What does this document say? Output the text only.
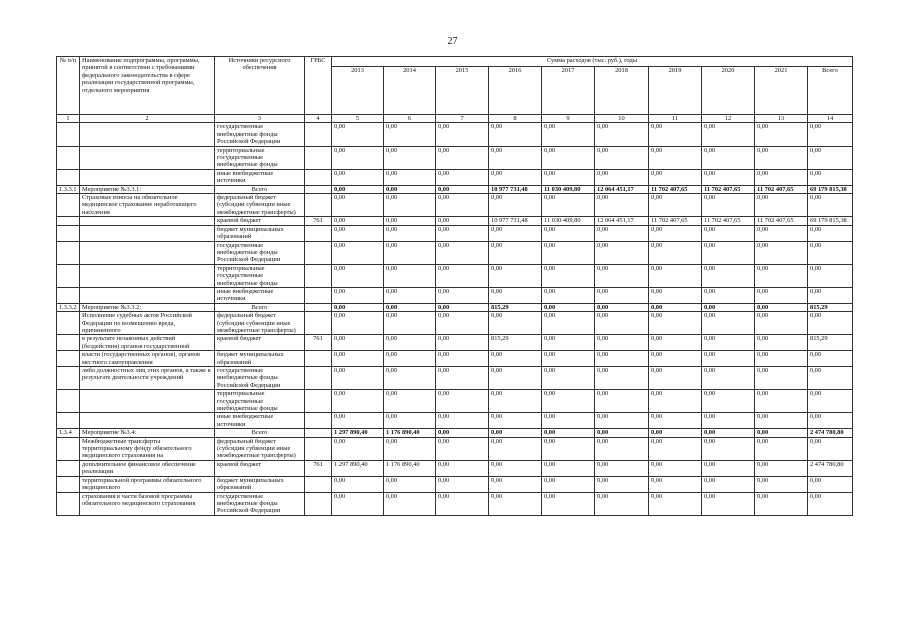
27
№ п/п	Наименование подпрограммы, программы, принятой в соответствии с требованиями федерального законодательства в сфере реализации государственной программы, отдельного мероприятия	Источники ресурсного обеспечения	ГРБС	Сумма расходов (тыс. руб.), годы									
				2013	2014	2015	2016	2017	2018	2019	2020	2021	Всего
1	2	3	4	5	6	7	8	9	10	11	12	13	14
		государственные внебюджетные фонды Российской Федерации		0,00	0,00	0,00	0,00	0,00	0,00	0,00	0,00	0,00	0,00
		территориальные государственные внебюджетные фонды		0,00	0,00	0,00	0,00	0,00	0,00	0,00	0,00	0,00	0,00
		иные внебюджетные источники		0,00	0,00	0,00	0,00	0,00	0,00	0,00	0,00	0,00	0,00
1.3.3.1	Мероприятие №3.3.1:	Всего		0,00	0,00	0,00	10 977 731,48	11 030 409,80	12 064 451,17	11 702 407,65	11 702 407,65	11 702 407,65	69 179 815,38
	Страховые взносы на обязательное медицинское страхование неработающего населения	федеральный бюджет (субсидии субвенции иные межбюджетные трансферты)		0,00	0,00	0,00	0,00	0,00	0,00	0,00	0,00	0,00	0,00
		краевой бюджет	761	0,00	0,00	0,00	10 977 731,48	11 030 409,80	12 064 451,17	11 702 407,65	11 702 407,65	11 702 407,65	69 179 815,38
		бюджет муниципальных образований		0,00	0,00	0,00	0,00	0,00	0,00	0,00	0,00	0,00	0,00
		государственные внебюджетные фонды Российской Федерации		0,00	0,00	0,00	0,00	0,00	0,00	0,00	0,00	0,00	0,00
		территориальные государственные внебюджетные фонды		0,00	0,00	0,00	0,00	0,00	0,00	0,00	0,00	0,00	0,00
		иные внебюджетные источники		0,00	0,00	0,00	0,00	0,00	0,00	0,00	0,00	0,00	0,00
1.3.3.2	Мероприятие №3.3.2:	Всего		0,00	0,00	0,00	815,29	0,00	0,00	0,00	0,00	0,00	815,29
	Исполнение судебных актов Российской Федерации по возмещению вреда, причиненного	федеральный бюджет (субсидии субвенции иные межбюджетные трансферты)		0,00	0,00	0,00	0,00	0,00	0,00	0,00	0,00	0,00	0,00
	в результате незаконных действий (бездействия) органов государственной	краевой бюджет	761	0,00	0,00	0,00	815,29	0,00	0,00	0,00	0,00	0,00	815,29
	власти (государственных органов), органов местного самоуправления	бюджет муниципальных образований		0,00	0,00	0,00	0,00	0,00	0,00	0,00	0,00	0,00	0,00
	либо должностных лиц этих органов, а также в результате деятельности учреждений	государственные внебюджетные фонды Российской Федерации		0,00	0,00	0,00	0,00	0,00	0,00	0,00	0,00	0,00	0,00
		территориальные государственные внебюджетные фонды		0,00	0,00	0,00	0,00	0,00	0,00	0,00	0,00	0,00	0,00
		иные внебюджетные источники		0,00	0,00	0,00	0,00	0,00	0,00	0,00	0,00	0,00	0,00
1.3.4	Мероприятие №3.4:	Всего		1 297 890,40	1 176 890,40	0,00	0,00	0,00	0,00	0,00	0,00	0,00	2 474 780,80
	Межбюджетные трансферты территориальному фонду обязательного медицинского страхования на	федеральный бюджет (субсидии субвенции иные межбюджетные трансферты)		0,00	0,00	0,00	0,00	0,00	0,00	0,00	0,00	0,00	0,00
	дополнительное финансовое обеспечение реализации	краевой бюджет	761	1 297 890,40	1 176 890,40	0,00	0,00	0,00	0,00	0,00	0,00	0,00	2 474 780,80
	территориальной программы обязательного медицинского	бюджет муниципальных образований		0,00	0,00	0,00	0,00	0,00	0,00	0,00	0,00	0,00	0,00
	страхования в части базовой программы обязательного медицинского страхования	государственные внебюджетные фонды Российской Федерации		0,00	0,00	0,00	0,00	0,00	0,00	0,00	0,00	0,00	0,00
